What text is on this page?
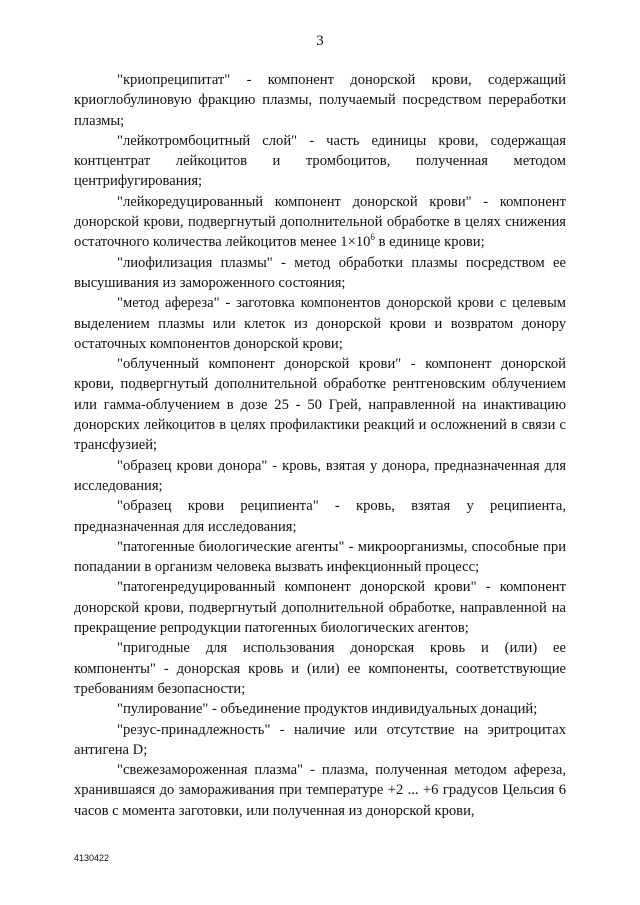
3

"криопреципитат" - компонент донорской крови, содержащий криоглобулиновую фракцию плазмы, получаемый посредством переработки плазмы;

"лейкотромбоцитный слой" - часть единицы крови, содержащая контцентрат лейкоцитов и тромбоцитов, полученная методом центрифугирования;

"лейкоредуцированный компонент донорской крови" - компонент донорской крови, подвергнутый дополнительной обработке в целях снижения остаточного количества лейкоцитов менее $1\times 10^6$ в единице крови;

"лиофилизация плазмы" - метод обработки плазмы посредством ее высушивания из замороженного состояния;

"метод афереза" - заготовка компонентов донорской крови с целевым выделением плазмы или клеток из донорской крови и возвратом донору остаточных компонентов донорской крови;

"облученный компонент донорской крови" - компонент донорской крови, подвергнутый дополнительной обработке рентгеновским облучением или гамма-облучением в дозе 25 - 50 Грей, направленной на инактивацию донорских лейкоцитов в целях профилактики реакций и осложнений в связи с трансфузией;

"образец крови донора" - кровь, взятая у донора, предназначенная для исследования;

"образец крови реципиента" - кровь, взятая у реципиента, предназначенная для исследования;

"патогенные биологические агенты" - микроорганизмы, способные при попадании в организм человека вызвать инфекционный процесс;

"патогенредуцированный компонент донорской крови" - компонент донорской крови, подвергнутый дополнительной обработке, направленной на прекращение репродукции патогенных биологических агентов;

"пригодные для использования донорская кровь и (или) ее компоненты" - донорская кровь и (или) ее компоненты, соответствующие требованиям безопасности;

"пулирование" - объединение продуктов индивидуальных донаций;

"резус-принадлежность" - наличие или отсутствие на эритроцитах антигена D;

"свежезамороженная плазма" - плазма, полученная методом афереза, хранившаяся до замораживания при температуре +2 ... +6 градусов Цельсия 6 часов с момента заготовки, или полученная из донорской крови,

4130422
